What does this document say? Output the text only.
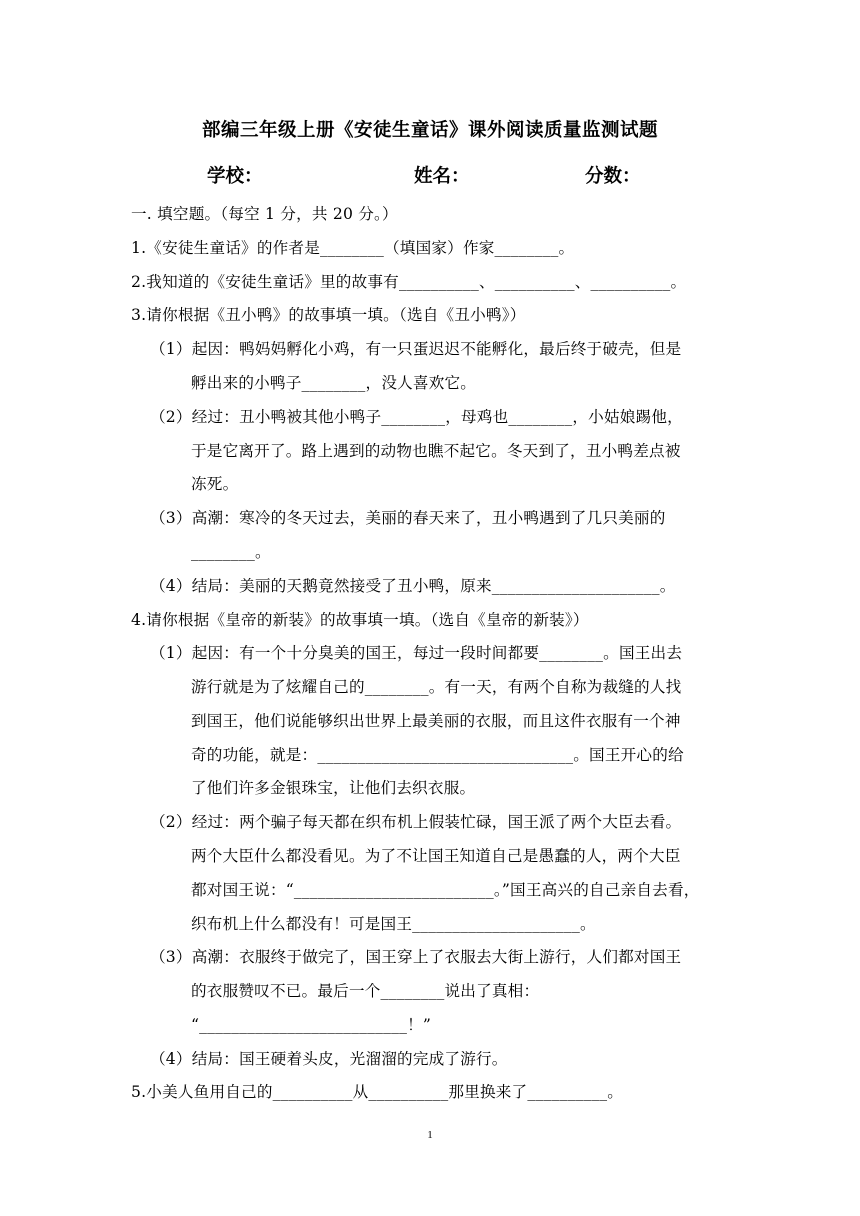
部编三年级上册《安徒生童话》课外阅读质量监测试题
学校：	姓名：	分数：
一. 填空题。（每空 1 分，共 20 分。）
1.《安徒生童话》的作者是________（填国家）作家________。
2.我知道的《安徒生童话》里的故事有__________、__________、__________。
3.请你根据《丑小鸭》的故事填一填。（选自《丑小鸭》）
（1）起因：鸭妈妈孵化小鸡，有一只蛋迟迟不能孵化，最后终于破壳，但是
孵出来的小鸭子________，没人喜欢它。
（2）经过：丑小鸭被其他小鸭子________，母鸡也________，小姑娘踢他，
于是它离开了。路上遇到的动物也瞧不起它。冬天到了，丑小鸭差点被
冻死。
（3）高潮：寒冷的冬天过去，美丽的春天来了，丑小鸭遇到了几只美丽的
________。
（4）结局：美丽的天鹅竟然接受了丑小鸭，原来_____________________。
4.请你根据《皇帝的新装》的故事填一填。（选自《皇帝的新装》）
（1）起因：有一个十分臭美的国王，每过一段时间都要________。国王出去
游行就是为了炫耀自己的________。有一天，有两个自称为裁缝的人找
到国王，他们说能够织出世界上最美丽的衣服，而且这件衣服有一个神
奇的功能，就是：________________________________。国王开心的给
了他们许多金银珠宝，让他们去织衣服。
（2）经过：两个骗子每天都在织布机上假装忙碌，国王派了两个大臣去看。
两个大臣什么都没看见。为了不让国王知道自己是愚蠢的人，两个大臣
都对国王说：“_________________________。”国王高兴的自己亲自去看，
织布机上什么都没有！可是国王_____________________。
（3）高潮：衣服终于做完了，国王穿上了衣服去大街上游行，人们都对国王
的衣服赞叹不已。最后一个________说出了真相：
“__________________________！”
（4）结局：国王硬着头皮，光溜溜的完成了游行。
5.小美人鱼用自己的__________从__________那里换来了__________。
1
